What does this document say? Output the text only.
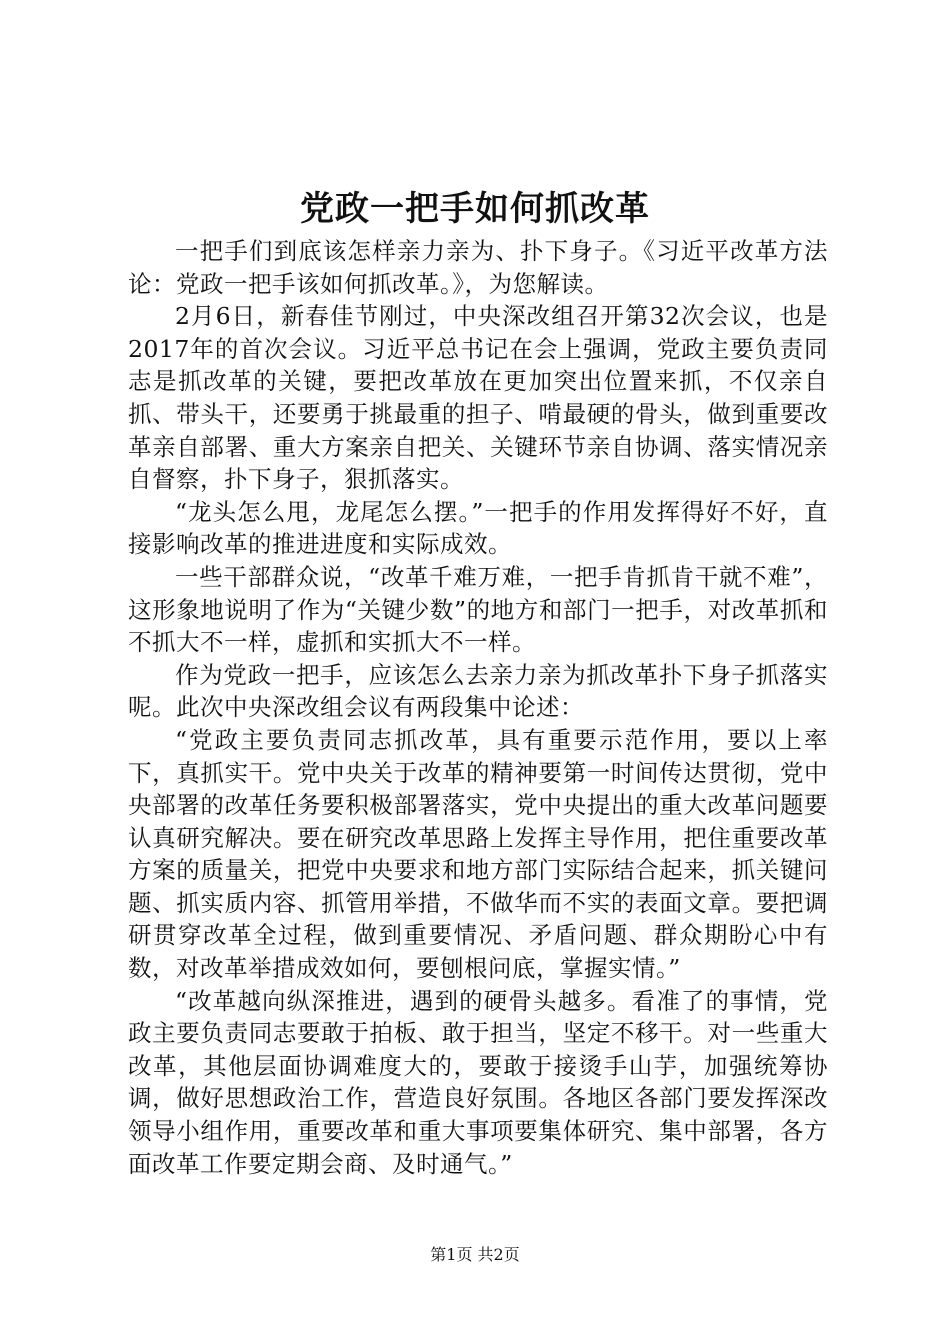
党政一把手如何抓改革

一把手们到底该怎样亲力亲为、扑下身子。《习近平改革方法论：党政一把手该如何抓改革。》，为您解读。

2月6日，新春佳节刚过，中央深改组召开第32次会议，也是2017年的首次会议。习近平总书记在会上强调，党政主要负责同志是抓改革的关键，要把改革放在更加突出位置来抓，不仅亲自抓、带头干，还要勇于挑最重的担子、啃最硬的骨头，做到重要改革亲自部署、重大方案亲自把关、关键环节亲自协调、落实情况亲自督察，扑下身子，狠抓落实。

“龙头怎么甩，龙尾怎么摆。”一把手的作用发挥得好不好，直接影响改革的推进进度和实际成效。

一些干部群众说，“改革千难万难，一把手肯抓肯干就不难”，这形象地说明了作为“关键少数”的地方和部门一把手，对改革抓和不抓大不一样，虚抓和实抓大不一样。

作为党政一把手，应该怎么去亲力亲为抓改革扑下身子抓落实呢。此次中央深改组会议有两段集中论述：

“党政主要负责同志抓改革，具有重要示范作用，要以上率下，真抓实干。党中央关于改革的精神要第一时间传达贯彻，党中央部署的改革任务要积极部署落实，党中央提出的重大改革问题要认真研究解决。要在研究改革思路上发挥主导作用，把住重要改革方案的质量关，把党中央要求和地方部门实际结合起来，抓关键问题、抓实质内容、抓管用举措，不做华而不实的表面文章。要把调研贯穿改革全过程，做到重要情况、矛盾问题、群众期盼心中有数，对改革举措成效如何，要刨根问底，掌握实情。”

“改革越向纵深推进，遇到的硬骨头越多。看准了的事情，党政主要负责同志要敢于拍板、敢于担当，坚定不移干。对一些重大改革，其他层面协调难度大的，要敢于接烫手山芋，加强统筹协调，做好思想政治工作，营造良好氛围。各地区各部门要发挥深改领导小组作用，重要改革和重大事项要集体研究、集中部署，各方面改革工作要定期会商、及时通气。”

第1页 共2页
